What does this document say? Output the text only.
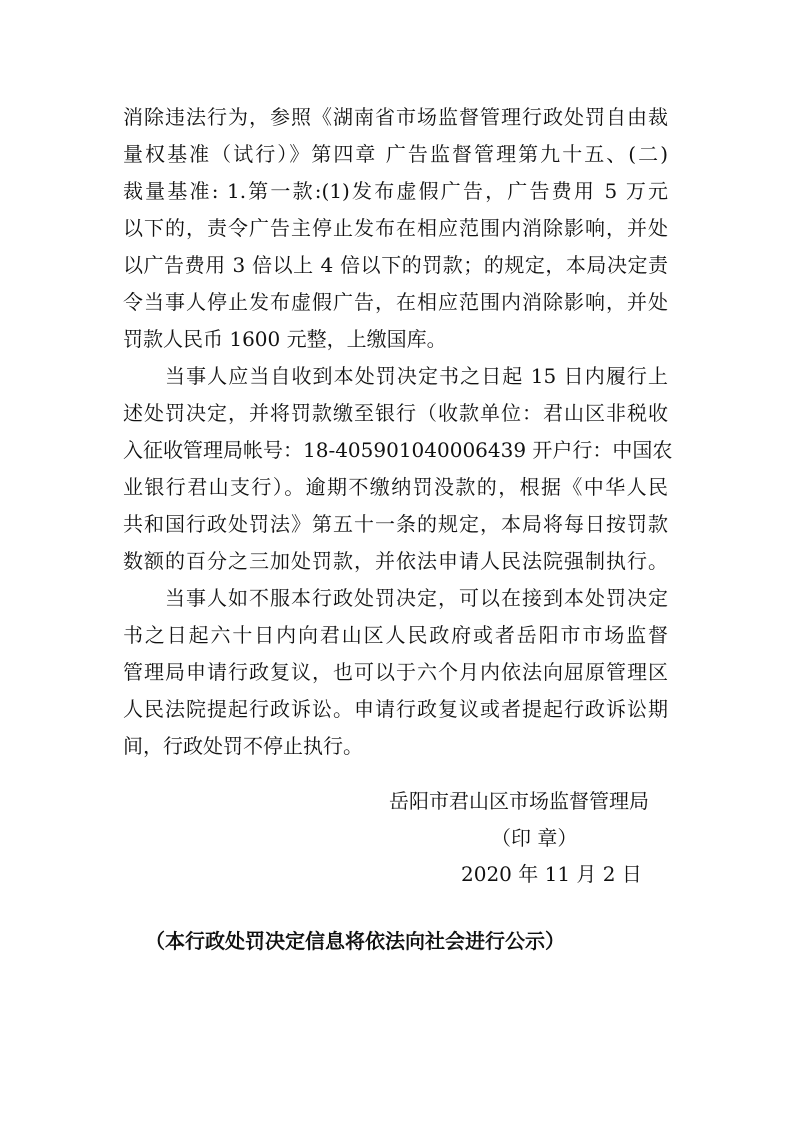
消除违法行为，参照《湖南省市场监督管理行政处罚自由裁
量权基准（试行）》第四章 广告监督管理第九十五、(二)
裁量基准: 1.第一款:(1)发布虚假广告，广告费用 5 万元
以下的，责令广告主停止发布在相应范围内消除影响，并处
以广告费用 3 倍以上 4 倍以下的罚款；的规定，本局决定责
令当事人停止发布虚假广告，在相应范围内消除影响，并处
罚款人民币 1600 元整，上缴国库。
当事人应当自收到本处罚决定书之日起 15 日内履行上
述处罚决定，并将罚款缴至银行（收款单位：君山区非税收
入征收管理局帐号：18-405901040006439 开户行：中国农
业银行君山支行）。逾期不缴纳罚没款的，根据《中华人民
共和国行政处罚法》第五十一条的规定，本局将每日按罚款
数额的百分之三加处罚款，并依法申请人民法院强制执行。
当事人如不服本行政处罚决定，可以在接到本处罚决定
书之日起六十日内向君山区人民政府或者岳阳市市场监督
管理局申请行政复议，也可以于六个月内依法向屈原管理区
人民法院提起行政诉讼。申请行政复议或者提起行政诉讼期
间，行政处罚不停止执行。
岳阳市君山区市场监督管理局
（印 章）
2020 年 11 月 2 日
（本行政处罚决定信息将依法向社会进行公示）
